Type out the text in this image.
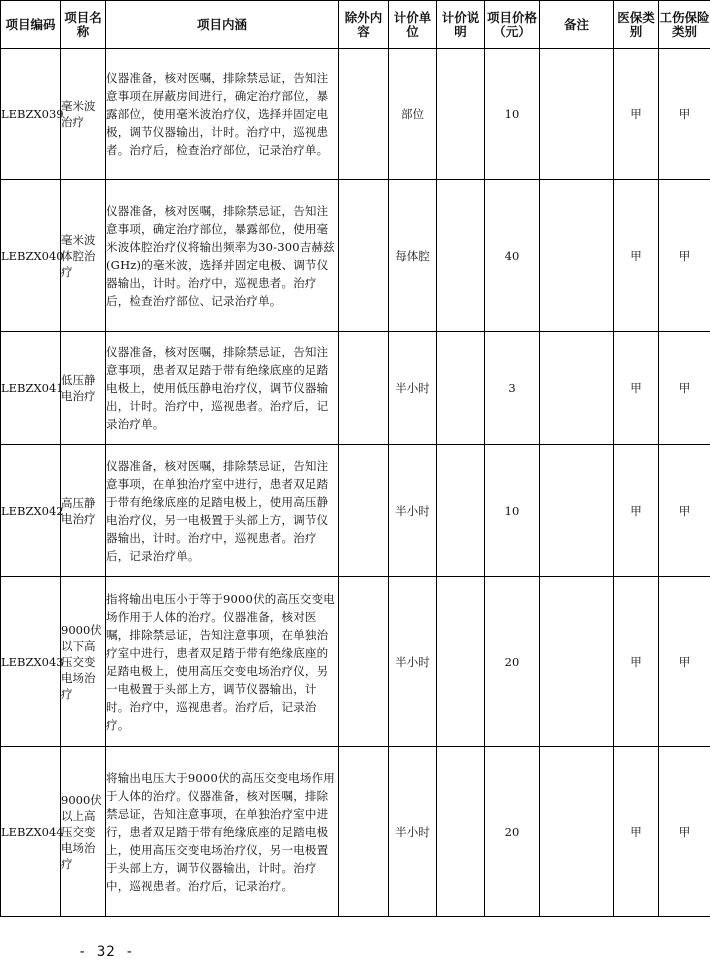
项目编码	项目名称	项目内涵	除外内容	计价单位	计价说明	项目价格（元）	备注	医保类别	工伤保险类别
LEBZX039	毫米波治疗	仪器准备，核对医嘱，排除禁忌证，告知注意事项在屏蔽房间进行，确定治疗部位，暴露部位，使用毫米波治疗仪，选择并固定电极，调节仪器输出，计时。治疗中，巡视患者。治疗后，检查治疗部位，记录治疗单。		部位		10		甲	甲
LEBZX040	毫米波体腔治疗	仪器准备，核对医嘱，排除禁忌证，告知注意事项，确定治疗部位，暴露部位，使用毫米波体腔治疗仪将输出频率为30-300吉赫兹(GHz)的毫米波，选择并固定电极、调节仪器输出，计时。治疗中，巡视患者。治疗后，检查治疗部位、记录治疗单。		每体腔		40		甲	甲
LEBZX041	低压静电治疗	仪器准备，核对医嘱，排除禁忌证，告知注意事项，患者双足踏于带有绝缘底座的足踏电极上，使用低压静电治疗仪，调节仪器输出，计时。治疗中，巡视患者。治疗后，记录治疗单。		半小时		3		甲	甲
LEBZX042	高压静电治疗	仪器准备，核对医嘱，排除禁忌证，告知注意事项，在单独治疗室中进行，患者双足踏于带有绝缘底座的足踏电极上，使用高压静电治疗仪，另一电极置于头部上方，调节仪器输出，计时。治疗中，巡视患者。治疗后，记录治疗单。		半小时		10		甲	甲
LEBZX043	9000伏以下高压交变电场治疗	指将输出电压小于等于9000伏的高压交变电场作用于人体的治疗。仪器准备，核对医嘱，排除禁忌证，告知注意事项，在单独治疗室中进行，患者双足踏于带有绝缘底座的足踏电极上，使用高压交变电场治疗仪，另一电极置于头部上方，调节仪器输出，计时。治疗中，巡视患者。治疗后，记录治疗。		半小时		20		甲	甲
LEBZX044	9000伏以上高压交变电场治疗	将输出电压大于9000伏的高压交变电场作用于人体的治疗。仪器准备，核对医嘱，排除禁忌证，告知注意事项，在单独治疗室中进行，患者双足踏于带有绝缘底座的足踏电极上，使用高压交变电场治疗仪，另一电极置于头部上方，调节仪器输出，计时。治疗中，巡视患者。治疗后，记录治疗。		半小时		20		甲	甲
- 32 -
